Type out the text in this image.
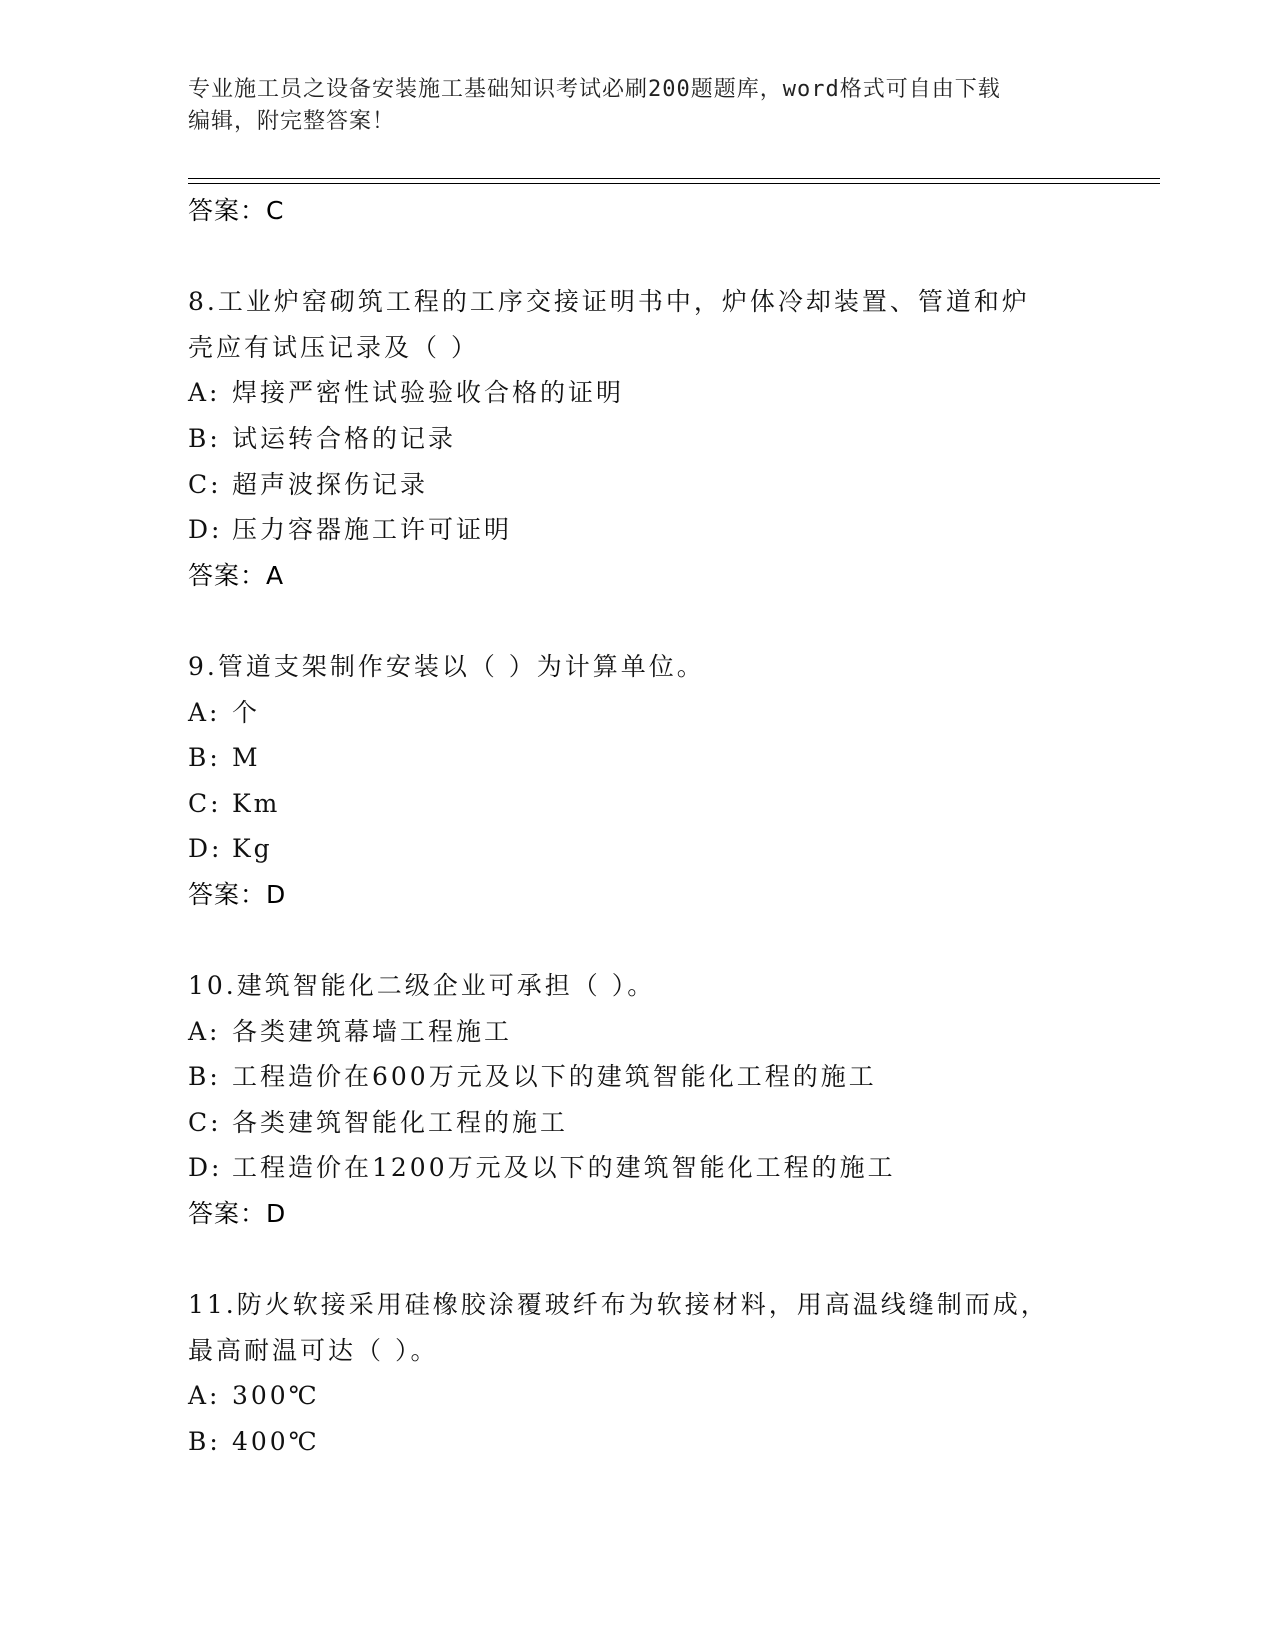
专业施工员之设备安装施工基础知识考试必刷200题题库，word格式可自由下载
编辑，附完整答案！
答案：C
8.工业炉窑砌筑工程的工序交接证明书中，炉体冷却装置、管道和炉
壳应有试压记录及（ ）
A: 焊接严密性试验验收合格的证明
B: 试运转合格的记录
C: 超声波探伤记录
D: 压力容器施工许可证明
答案：A
9.管道支架制作安装以（ ）为计算单位。
A: 个
B: M
C: Km
D: Kg
答案：D
10.建筑智能化二级企业可承担（ ）。
A: 各类建筑幕墙工程施工
B: 工程造价在600万元及以下的建筑智能化工程的施工
C: 各类建筑智能化工程的施工
D: 工程造价在1200万元及以下的建筑智能化工程的施工
答案：D
11.防火软接采用硅橡胶涂覆玻纤布为软接材料，用高温线缝制而成，
最高耐温可达（ ）。
A: 300℃
B: 400℃
